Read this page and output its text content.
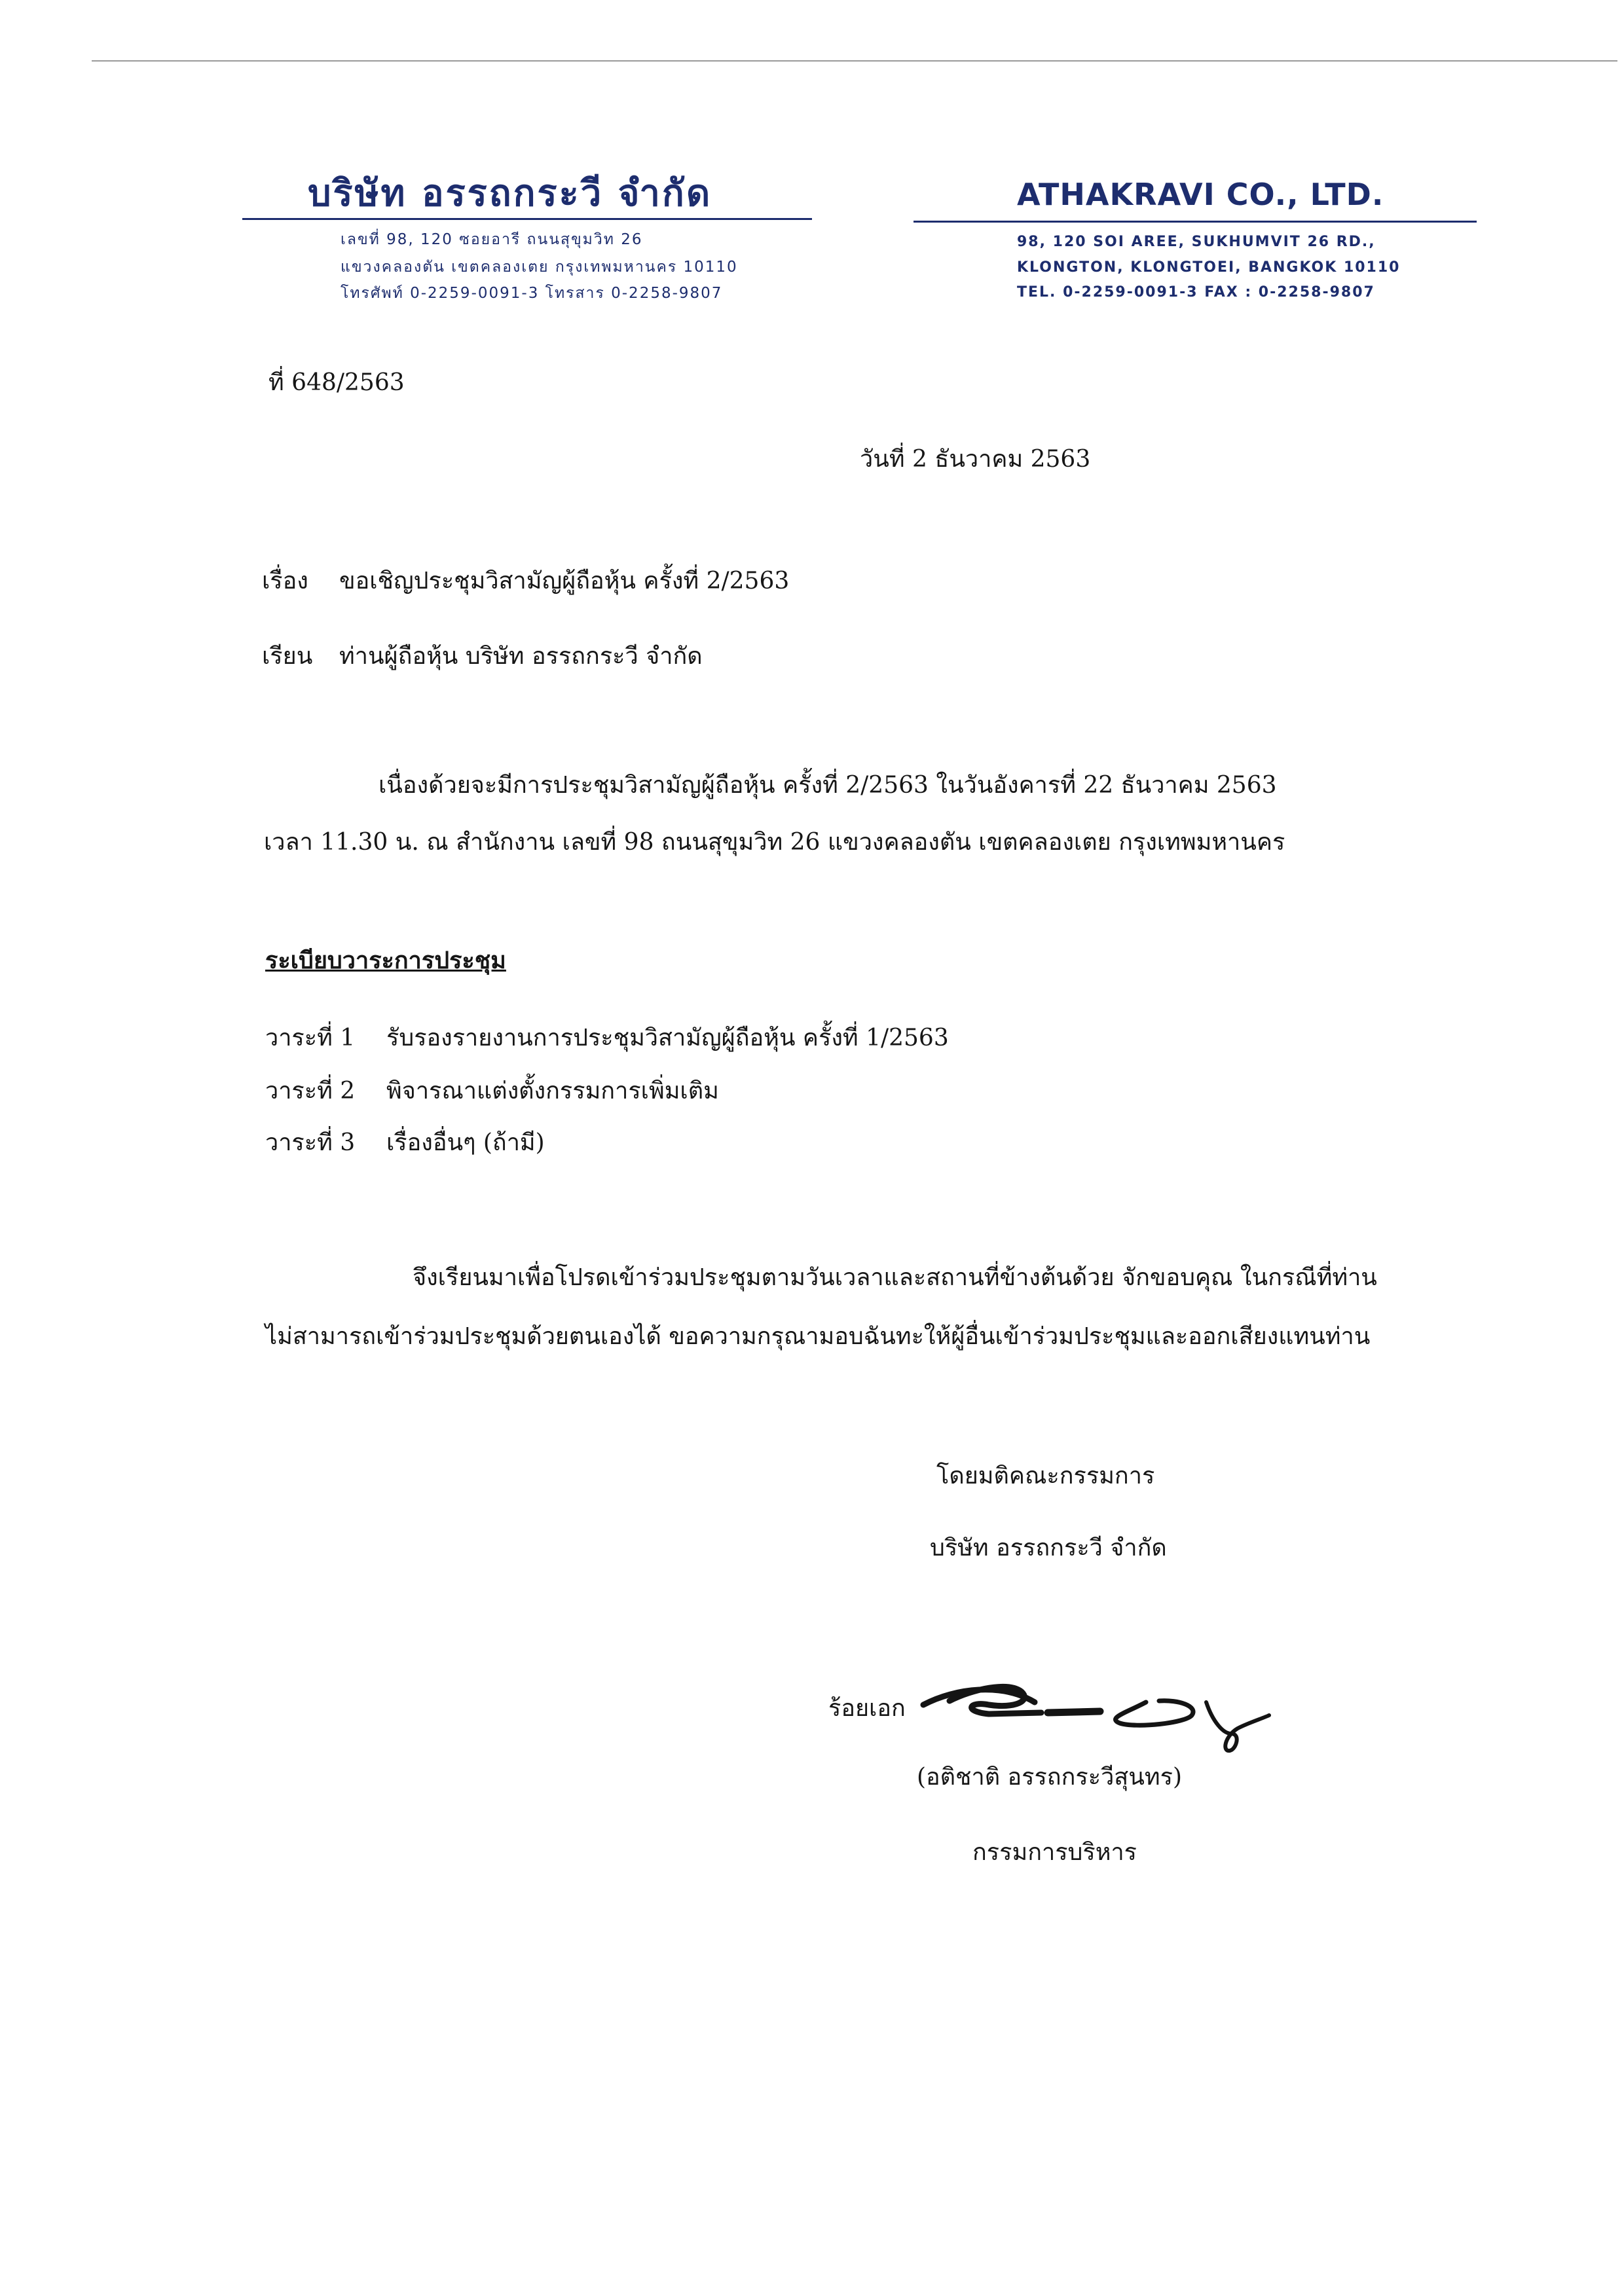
บริษัท อรรถกระวี จำกัด
เลขที่ 98, 120 ซอยอารี ถนนสุขุมวิท 26
แขวงคลองตัน เขตคลองเตย กรุงเทพมหานคร 10110
โทรศัพท์ 0-2259-0091-3 โทรสาร 0-2258-9807
ATHAKRAVI CO., LTD.
98, 120 SOI AREE, SUKHUMVIT 26 RD.,
KLONGTON, KLONGTOEI, BANGKOK 10110
TEL. 0-2259-0091-3 FAX : 0-2258-9807
ที่ 648/2563
วันที่ 2 ธันวาคม 2563
เรื่อง ขอเชิญประชุมวิสามัญผู้ถือหุ้น ครั้งที่ 2/2563
เรียน ท่านผู้ถือหุ้น บริษัท อรรถกระวี จำกัด
เนื่องด้วยจะมีการประชุมวิสามัญผู้ถือหุ้น ครั้งที่ 2/2563 ในวันอังคารที่ 22 ธันวาคม 2563
เวลา 11.30 น. ณ สำนักงาน เลขที่ 98 ถนนสุขุมวิท 26 แขวงคลองตัน เขตคลองเตย กรุงเทพมหานคร
ระเบียบวาระการประชุม
วาระที่ 1 รับรองรายงานการประชุมวิสามัญผู้ถือหุ้น ครั้งที่ 1/2563
วาระที่ 2 พิจารณาแต่งตั้งกรรมการเพิ่มเติม
วาระที่ 3 เรื่องอื่นๆ (ถ้ามี)
จึงเรียนมาเพื่อโปรดเข้าร่วมประชุมตามวันเวลาและสถานที่ข้างต้นด้วย จักขอบคุณ ในกรณีที่ท่าน
ไม่สามารถเข้าร่วมประชุมด้วยตนเองได้ ขอความกรุณามอบฉันทะให้ผู้อื่นเข้าร่วมประชุมและออกเสียงแทนท่าน
โดยมติคณะกรรมการ
บริษัท อรรถกระวี จำกัด
ร้อยเอก
(อติชาติ อรรถกระวีสุนทร)
กรรมการบริหาร
